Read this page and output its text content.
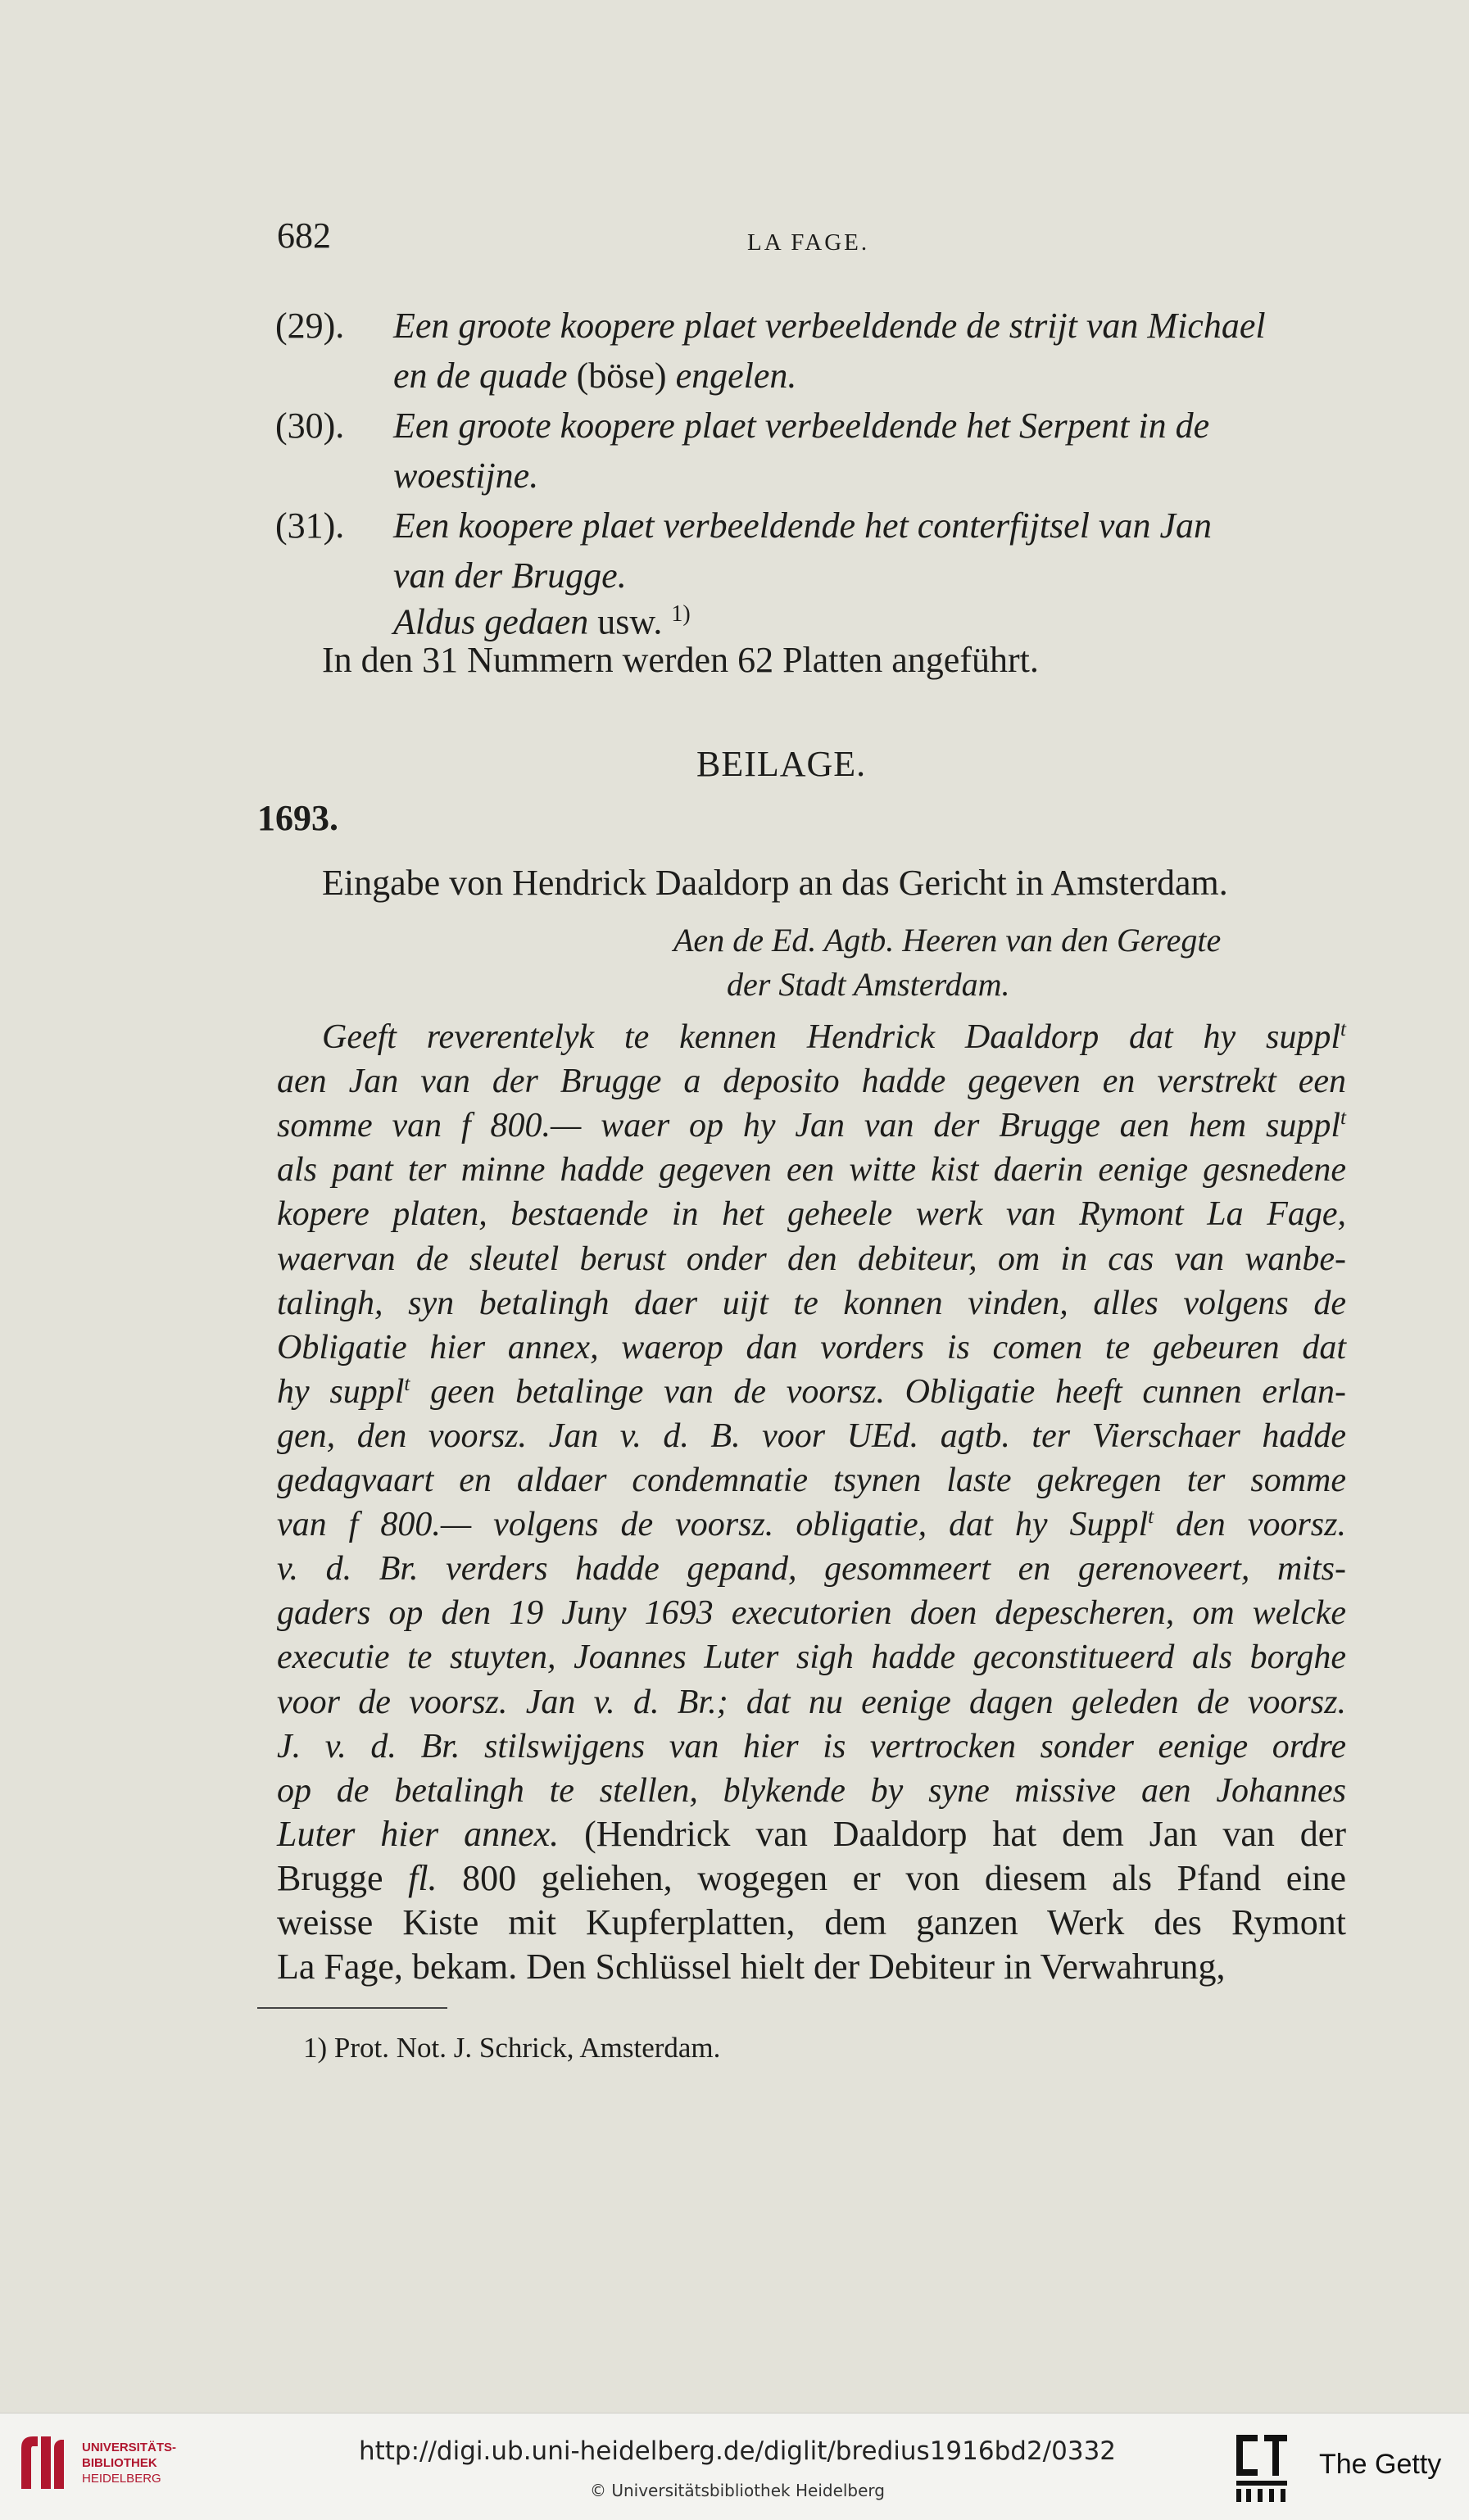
682	LA FAGE.
(29). Een groote koopere plaet verbeeldende de strijt van Michael
en de quade (böse) engelen.
(30). Een groote koopere plaet verbeeldende het Serpent in de
woestijne.
(31). Een koopere plaet verbeeldende het conterfijtsel van Jan
van der Brugge.
Aldus gedaen usw. $^{1)}$
In den 31 Nummern werden 62 Platten angeführt.
BEILAGE.
1693.
Eingabe von Hendrick Daaldorp an das Gericht in Amsterdam.
Aen de Ed. Agtb. Heeren van den Geregte
der Stadt Amsterdam.
Geeft reverentelyk te kennen Hendrick Daaldorp dat hy suppl$^t$
aen Jan van der Brugge a deposito hadde gegeven en verstrekt een
somme van f 800.— waer op hy Jan van der Brugge aen hem suppl$^t$
als pant ter minne hadde gegeven een witte kist daerin eenige gesnedene
kopere platen, bestaende in het geheele werk van Rymont La Fage,
waervan de sleutel berust onder den debiteur, om in cas van wanbe-
talingh, syn betalingh daer uijt te konnen vinden, alles volgens de
Obligatie hier annex, waerop dan vorders is comen te gebeuren dat
hy suppl$^t$ geen betalinge van de voorsz. Obligatie heeft cunnen erlan-
gen, den voorsz. Jan v. d. B. voor UEd. agtb. ter Vierschaer hadde
gedagvaart en aldaer condemnatie tsynen laste gekregen ter somme
van f 800.— volgens de voorsz. obligatie, dat hy Suppl$^t$ den voorsz.
v. d. Br. verders hadde gepand, gesommeert en gerenoveert, mits-
gaders op den 19 Juny 1693 executorien doen depescheren, om welcke
executie te stuyten, Joannes Luter sigh hadde geconstitueerd als borghe
voor de voorsz. Jan v. d. Br.; dat nu eenige dagen geleden de voorsz.
J. v. d. Br. stilswijgens van hier is vertrocken sonder eenige ordre
op de betalingh te stellen, blykende by syne missive aen Johannes
Luter hier annex. (Hendrick van Daaldorp hat dem Jan van der
Brugge fl. 800 geliehen, wogegen er von diesem als Pfand eine
weisse Kiste mit Kupferplatten, dem ganzen Werk des Rymont
La Fage, bekam. Den Schlüssel hielt der Debiteur in Verwahrung,
1) Prot. Not. J. Schrick, Amsterdam.
UNIVERSITÄTS-
BIBLIOTHEK
HEIDELBERG
http://digi.ub.uni-heidelberg.de/diglit/bredius1916bd2/0332
© Universitätsbibliothek Heidelberg
The Getty
